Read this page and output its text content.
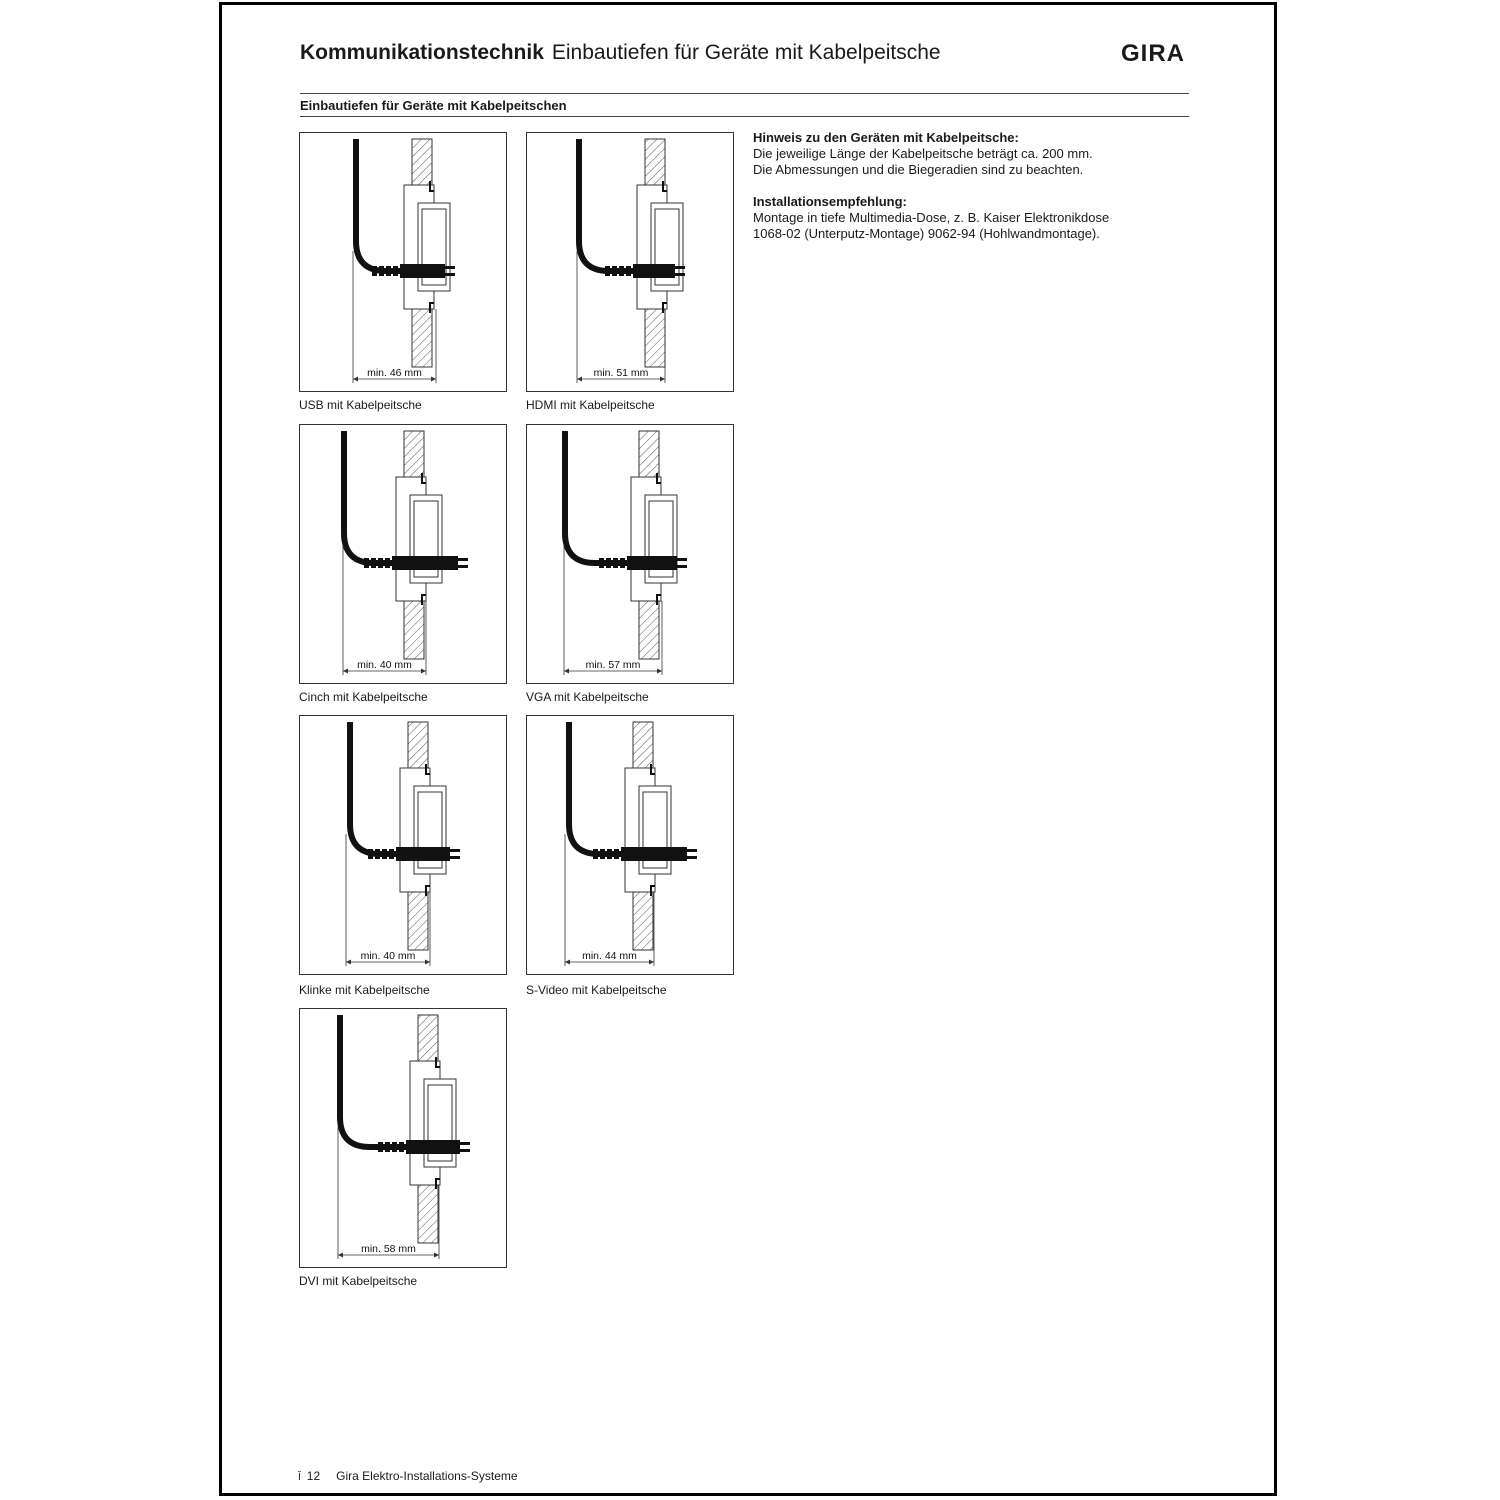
Kommunikationstechnik Einbautiefen für Geräte mit Kabelpeitsche	GIRA
Einbautiefen für Geräte mit Kabelpeitschen
min. 46 mm
USB mit Kabelpeitsche
min. 51 mm
HDMI mit Kabelpeitsche
min. 40 mm
Cinch mit Kabelpeitsche
min. 57 mm
VGA mit Kabelpeitsche
min. 40 mm
Klinke mit Kabelpeitsche
min. 44 mm
S-Video mit Kabelpeitsche
min. 58 mm
DVI mit Kabelpeitsche

Hinweis zu den Geräten mit Kabelpeitsche:

Die jeweilige Länge der Kabelpeitsche beträgt ca. 200 mm.

Die Abmessungen und die Biegeradien sind zu beachten.

Installationsempfehlung:

Montage in tiefe Multimedia-Dose, z. B. Kaiser Elektronikdose

1068-02 (Unterputz-Montage) 9062-94 (Hohlwandmontage).

Ĭ 12 Gira Elektro-Installations-Systeme
